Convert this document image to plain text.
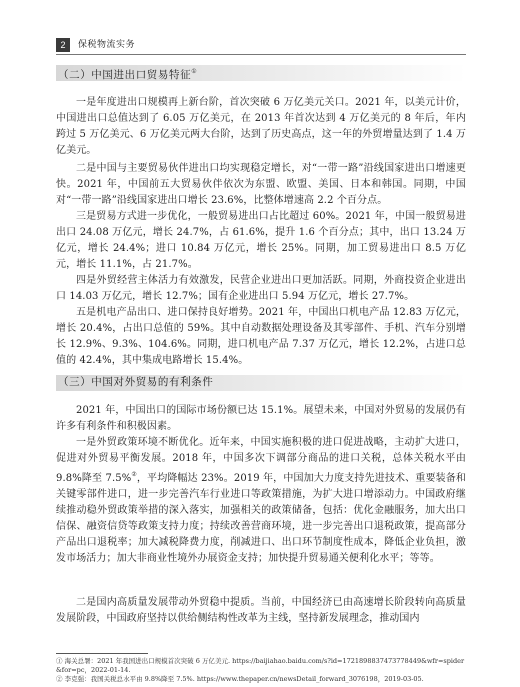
2	保税物流实务
（二）中国进出口贸易特征①

一是年度进出口规模再上新台阶，首次突破 6 万亿美元关口。2021 年，以美元计价，中国进出口总值达到了 6.05 万亿美元，在 2013 年首次达到 4 万亿美元的 8 年后，年内跨过 5 万亿美元、6 万亿美元两大台阶，达到了历史高点，这一年的外贸增量达到了 1.4 万亿美元。

二是中国与主要贸易伙伴进出口均实现稳定增长，对“一带一路”沿线国家进出口增速更快。2021 年，中国前五大贸易伙伴依次为东盟、欧盟、美国、日本和韩国。同期，中国对“一带一路”沿线国家进出口增长 23.6%，比整体增速高 2.2 个百分点。

三是贸易方式进一步优化，一般贸易进出口占比超过 60%。2021 年，中国一般贸易进出口 24.08 万亿元，增长 24.7%，占 61.6%，提升 1.6 个百分点；其中，出口 13.24 万亿元，增长 24.4%；进口 10.84 万亿元，增长 25%。同期，加工贸易进出口 8.5 万亿元，增长 11.1%，占 21.7%。

四是外贸经营主体活力有效激发，民营企业进出口更加活跃。同期，外商投资企业进出口 14.03 万亿元，增长 12.7%；国有企业进出口 5.94 万亿元，增长 27.7%。

五是机电产品出口、进口保持良好增势。2021 年，中国出口机电产品 12.83 万亿元，增长 20.4%，占出口总值的 59%。其中自动数据处理设备及其零部件、手机、汽车分别增长 12.9%、9.3%、104.6%。同期，进口机电产品 7.37 万亿元，增长 12.2%，占进口总值的 42.4%，其中集成电路增长 15.4%。

（三）中国对外贸易的有利条件

2021 年，中国出口的国际市场份额已达 15.1%。展望未来，中国对外贸易的发展仍有许多有利条件和积极因素。

一是外贸政策环境不断优化。近年来，中国实施积极的进口促进战略，主动扩大进口，促进对外贸易平衡发展。2018 年，中国多次下调部分商品的进口关税，总体关税水平由 9.8%降至 7.5%②，平均降幅达 23%。2019 年，中国加大力度支持先进技术、重要装备和关键零部件进口，进一步完善汽车行业进口等政策措施，为扩大进口增添动力。中国政府继续推动稳外贸政策举措的深入落实，加强相关的政策储备，包括：优化金融服务，加大出口信保、融资信贷等政策支持力度；持续改善营商环境，进一步完善出口退税政策，提高部分产品出口退税率；加大减税降费力度，削减进口、出口环节制度性成本，降低企业负担，激发市场活力；加大非商业性境外办展资金支持；加快提升贸易通关便利化水平；等等。

二是国内高质量发展带动外贸稳中提质。当前，中国经济已由高速增长阶段转向高质量发展阶段，中国政府坚持以供给侧结构性改革为主线，坚持新发展理念，推动国内

① 海关总署：2021 年我国进出口规模首次突破 6 万亿美元. https://baijiahao.baidu.com/s?id=1721898837473778449&wfr=spider&for=pc，2022-01-14.

② 李克强：我国关税总水平由 9.8%降至 7.5%. https://www.thepaper.cn/newsDetail_forward_3076198，2019-03-05.
